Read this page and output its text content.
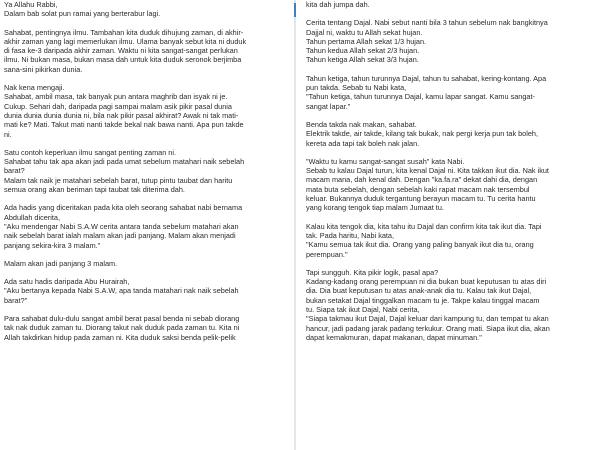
Ya Allahu Rabbi,
Dalam bab solat pun ramai yang berterabur lagi.
Sahabat, pentingnya ilmu. Tambahan kita duduk dihujung zaman, di akhir-
akhir zaman yang lagi memerlukan ilmu. Ulama banyak sebut kita ni duduk
di fasa ke-3 daripada akhir zaman. Waktu ni kita sangat-sangat perlukan
ilmu. Ni bukan masa, bukan masa dah untuk kita duduk seronok berjimba
sana-sini pikirkan dunia.
Nak kena mengaji.
Sahabat, ambil masa, tak banyak pun antara maghrib dan isyak ni je.
Cukup. Sehari dah, daripada pagi sampai malam asik pikir pasal dunia
dunia dunia dunia dunia ni, bila nak pikir pasal akhirat? Awak ni tak mati-
mati ke? Mati. Takut mati nanti takde bekal nak bawa nanti. Apa pun takde
ni.
Satu contoh keperluan ilmu sangat penting zaman ni.
Sahabat tahu tak apa akan jadi pada umat sebelum matahari naik sebelah
barat?
Malam tak naik je matahari sebelah barat, tutup pintu taubat dan haritu
semua orang akan beriman tapi taubat tak diterima dah.
Ada hadis yang diceritakan pada kita oleh seorang sahabat nabi bernama
Abdullah dicerita,
"Aku mendengar Nabi S.A.W cerita antara tanda sebelum matahari akan
naik sebelah barat ialah malam akan jadi panjang. Malam akan menjadi
panjang sekira-kira 3 malam."
Malam akan jadi panjang 3 malam.
Ada satu hadis daripada Abu Hurairah,
"Aku bertanya kepada Nabi S.A.W, apa tanda matahari nak naik sebelah
barat?"
Para sahabat dulu-dulu sangat ambil berat pasal benda ni sebab diorang
tak nak duduk zaman tu. Diorang takut nak duduk pada zaman tu. Kita ni
Allah takdirkan hidup pada zaman ni. Kita duduk saksi benda pelik-pelik
kita dah jumpa dah.
Cerita tentang Dajal. Nabi sebut nanti bila 3 tahun sebelum nak bangkitnya
Dajjal ni, waktu tu Allah sekat hujan.
Tahun pertama Allah sekat 1/3 hujan.
Tahun kedua Allah sekat 2/3 hujan.
Tahun ketiga Allah sekat 3/3 hujan.
Tahun ketiga, tahun turunnya Dajal, tahun tu sahabat, kering-kontang. Apa
pun takda. Sebab tu Nabi kata,
"Tahun ketiga, tahun turunnya Dajal, kamu lapar sangat. Kamu sangat-
sangat lapar."
Benda takda nak makan, sahabat.
Elektrik takde, air takde, kilang tak bukak, nak pergi kerja pun tak boleh,
kereta ada tapi tak boleh nak jalan.
"Waktu tu kamu sangat-sangat susah" kata Nabi.
Sebab tu kalau Dajal turun, kita kenal Dajal ni. Kita takkan ikut dia. Nak ikut
macam mana, dah kenal dah. Dengan "ka.fa.ra" dekat dahi dia, dengan
mata buta sebelah, dengan sebelah kaki rapat macam nak tersembul
keluar. Bukannya duduk tergantung berayun macam tu. Tu cerita hantu
yang korang tengok tiap malam Jumaat tu.
Kalau kita tengok dia, kita tahu itu Dajal dan confirm kita tak ikut dia. Tapi
tak. Pada haritu, Nabi kata,
"Kamu semua tak ikut dia. Orang yang paling banyak ikut dia tu, orang
perempuan."
Tapi sungguh. Kita pikir logik, pasal apa?
Kadang-kadang orang perempuan ni dia bukan buat keputusan tu atas diri
dia. Dia buat keputusan tu atas anak-anak dia tu. Kalau tak ikut Dajal,
bukan setakat Dajal tinggalkan macam tu je. Takpe kalau tinggal macam
tu. Siapa tak ikut Dajal, Nabi cerita,
"Siapa takmau ikut Dajal, Dajal keluar dari kampung tu, dan tempat tu akan
hancur, jadi padang jarak padang terkukur. Orang mati. Siapa ikut dia, akan
dapat kemakmuran, dapat makanan, dapat minuman."
